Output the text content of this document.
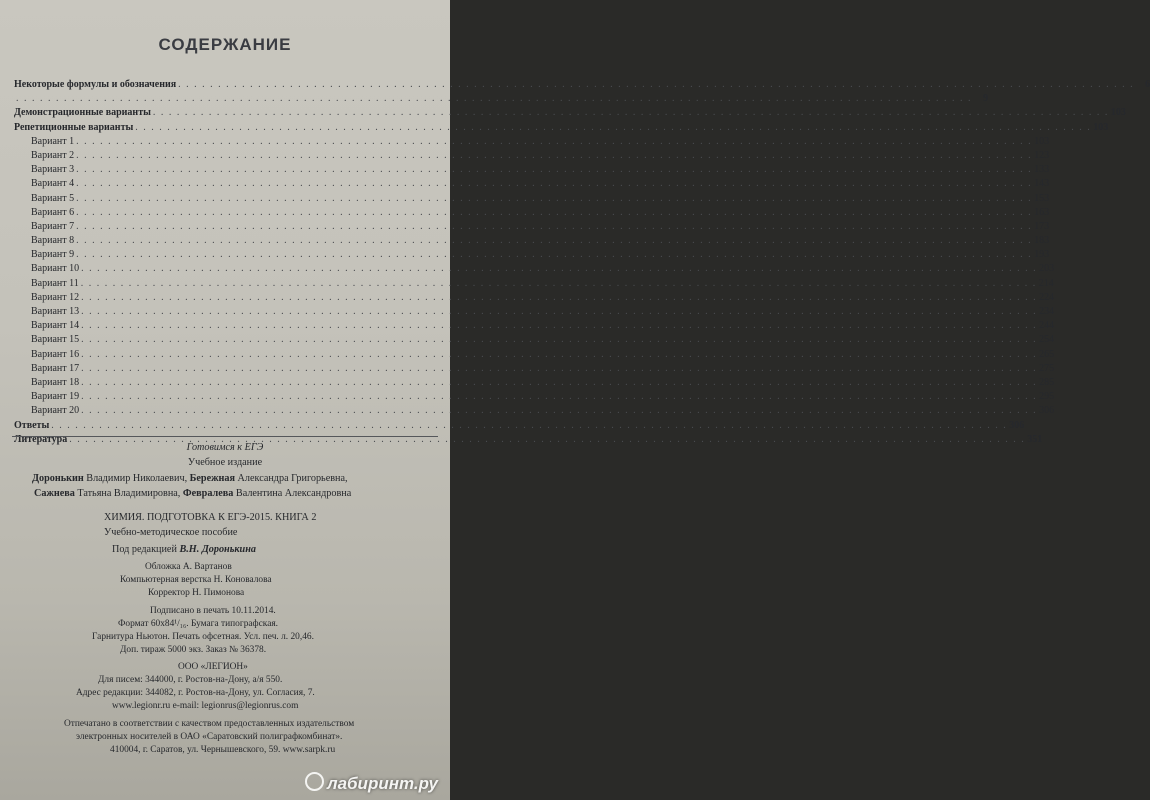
СОДЕРЖАНИЕ
Некоторые формулы и обозначения . . . . . . . . . . . . . . . . . . . . . . . . . . . . . . . . . . . . . . . . . . . . . . . . . . . . . . . . . . . . . . . . . . . . . . . . . . . . . . . . . . . . . . . . . . . . . . . . . . . . . . . . . . . . . . . . . . . . . . . .	6
. . . . . . . . . . . . . . . . . . . . . . . . . . . . . . . . . . . . . . . . . . . . . . . . . . . . . . . . . . . . . . . . . . . . . . . . . . . . . . . . . . . . . . . . . . . . . . . . . . . . . . . . . . . . . . . . . . . . . . . .	9
Демонстрационные варианты . . . . . . . . . . . . . . . . . . . . . . . . . . . . . . . . . . . . . . . . . . . . . . . . . . . . . . . . . . . . . . . . . . . . . . . . . . . . . . . . . . . . . . . . . . . . . . . . . . . . . . . . . . . . . . . . . . . . . . . . 103
Репетиционные варианты . . . . . . . . . . . . . . . . . . . . . . . . . . . . . . . . . . . . . . . . . . . . . . . . . . . . . . . . . . . . . . . . . . . . . . . . . . . . . . . . . . . . . . . . . . . . . . . . . . . . . . . . . . . . . . . . . . . . . . . . 103
Вариант 1 . . . . . . . . . . . . . . . . . . . . . . . . . . . . . . . . . . . . . . . . . . . . . . . . . . . . . . . . . . . . . . . . . . . . . . . . . . . . . . . . . . . . . . . . . . . . . . . . . . . . . . . . . . . . . . . . . . . . . . . . 103
Вариант 2 . . . . . . . . . . . . . . . . . . . . . . . . . . . . . . . . . . . . . . . . . . . . . . . . . . . . . . . . . . . . . . . . . . . . . . . . . . . . . . . . . . . . . . . . . . . . . . . . . . . . . . . . . . . . . . . . . . . . . . . . 123
Вариант 3 . . . . . . . . . . . . . . . . . . . . . . . . . . . . . . . . . . . . . . . . . . . . . . . . . . . . . . . . . . . . . . . . . . . . . . . . . . . . . . . . . . . . . . . . . . . . . . . . . . . . . . . . . . . . . . . . . . . . . . . . 133
Вариант 4 . . . . . . . . . . . . . . . . . . . . . . . . . . . . . . . . . . . . . . . . . . . . . . . . . . . . . . . . . . . . . . . . . . . . . . . . . . . . . . . . . . . . . . . . . . . . . . . . . . . . . . . . . . . . . . . . . . . . . . . . 143
Вариант 5 . . . . . . . . . . . . . . . . . . . . . . . . . . . . . . . . . . . . . . . . . . . . . . . . . . . . . . . . . . . . . . . . . . . . . . . . . . . . . . . . . . . . . . . . . . . . . . . . . . . . . . . . . . . . . . . . . . . . . . . . 153
Вариант 6 . . . . . . . . . . . . . . . . . . . . . . . . . . . . . . . . . . . . . . . . . . . . . . . . . . . . . . . . . . . . . . . . . . . . . . . . . . . . . . . . . . . . . . . . . . . . . . . . . . . . . . . . . . . . . . . . . . . . . . . . 163
Вариант 7 . . . . . . . . . . . . . . . . . . . . . . . . . . . . . . . . . . . . . . . . . . . . . . . . . . . . . . . . . . . . . . . . . . . . . . . . . . . . . . . . . . . . . . . . . . . . . . . . . . . . . . . . . . . . . . . . . . . . . . . . 173
Вариант 8 . . . . . . . . . . . . . . . . . . . . . . . . . . . . . . . . . . . . . . . . . . . . . . . . . . . . . . . . . . . . . . . . . . . . . . . . . . . . . . . . . . . . . . . . . . . . . . . . . . . . . . . . . . . . . . . . . . . . . . . . 183
Вариант 9 . . . . . . . . . . . . . . . . . . . . . . . . . . . . . . . . . . . . . . . . . . . . . . . . . . . . . . . . . . . . . . . . . . . . . . . . . . . . . . . . . . . . . . . . . . . . . . . . . . . . . . . . . . . . . . . . . . . . . . . . 193
Вариант 10 . . . . . . . . . . . . . . . . . . . . . . . . . . . . . . . . . . . . . . . . . . . . . . . . . . . . . . . . . . . . . . . . . . . . . . . . . . . . . . . . . . . . . . . . . . . . . . . . . . . . . . . . . . . . . . . . . . . . . . . . 203
Вариант 11 . . . . . . . . . . . . . . . . . . . . . . . . . . . . . . . . . . . . . . . . . . . . . . . . . . . . . . . . . . . . . . . . . . . . . . . . . . . . . . . . . . . . . . . . . . . . . . . . . . . . . . . . . . . . . . . . . . . . . . . . 214
Вариант 12 . . . . . . . . . . . . . . . . . . . . . . . . . . . . . . . . . . . . . . . . . . . . . . . . . . . . . . . . . . . . . . . . . . . . . . . . . . . . . . . . . . . . . . . . . . . . . . . . . . . . . . . . . . . . . . . . . . . . . . . . 224
Вариант 13 . . . . . . . . . . . . . . . . . . . . . . . . . . . . . . . . . . . . . . . . . . . . . . . . . . . . . . . . . . . . . . . . . . . . . . . . . . . . . . . . . . . . . . . . . . . . . . . . . . . . . . . . . . . . . . . . . . . . . . . . 234
Вариант 14 . . . . . . . . . . . . . . . . . . . . . . . . . . . . . . . . . . . . . . . . . . . . . . . . . . . . . . . . . . . . . . . . . . . . . . . . . . . . . . . . . . . . . . . . . . . . . . . . . . . . . . . . . . . . . . . . . . . . . . . . 244
Вариант 15 . . . . . . . . . . . . . . . . . . . . . . . . . . . . . . . . . . . . . . . . . . . . . . . . . . . . . . . . . . . . . . . . . . . . . . . . . . . . . . . . . . . . . . . . . . . . . . . . . . . . . . . . . . . . . . . . . . . . . . . . 254
Вариант 16 . . . . . . . . . . . . . . . . . . . . . . . . . . . . . . . . . . . . . . . . . . . . . . . . . . . . . . . . . . . . . . . . . . . . . . . . . . . . . . . . . . . . . . . . . . . . . . . . . . . . . . . . . . . . . . . . . . . . . . . . 265
Вариант 17 . . . . . . . . . . . . . . . . . . . . . . . . . . . . . . . . . . . . . . . . . . . . . . . . . . . . . . . . . . . . . . . . . . . . . . . . . . . . . . . . . . . . . . . . . . . . . . . . . . . . . . . . . . . . . . . . . . . . . . . . 275
Вариант 18 . . . . . . . . . . . . . . . . . . . . . . . . . . . . . . . . . . . . . . . . . . . . . . . . . . . . . . . . . . . . . . . . . . . . . . . . . . . . . . . . . . . . . . . . . . . . . . . . . . . . . . . . . . . . . . . . . . . . . . . . 285
Вариант 19 . . . . . . . . . . . . . . . . . . . . . . . . . . . . . . . . . . . . . . . . . . . . . . . . . . . . . . . . . . . . . . . . . . . . . . . . . . . . . . . . . . . . . . . . . . . . . . . . . . . . . . . . . . . . . . . . . . . . . . . . 295
Вариант 20 . . . . . . . . . . . . . . . . . . . . . . . . . . . . . . . . . . . . . . . . . . . . . . . . . . . . . . . . . . . . . . . . . . . . . . . . . . . . . . . . . . . . . . . . . . . . . . . . . . . . . . . . . . . . . . . . . . . . . . . . 306
Ответы . . . . . . . . . . . . . . . . . . . . . . . . . . . . . . . . . . . . . . . . . . . . . . . . . . . . . . . . . . . . . . . . . . . . . . . . . . . . . . . . . . . . . . . . . . . . . . . . . . . . . . . . . . . . . . . . . . . . . . . . 306
Литература . . . . . . . . . . . . . . . . . . . . . . . . . . . . . . . . . . . . . . . . . . . . . . . . . . . . . . . . . . . . . . . . . . . . . . . . . . . . . . . . . . . . . . . . . . . . . . . . . . . . . . . . . . . . . . . . . . . . . . . . 351
Готовимся к ЕГЭ
Учебное издание
Доронькин Владимир Николаевич, Бережная Александра Григорьевна,
Сажнева Татьяна Владимировна, Февралева Валентина Александровна
ХИМИЯ. ПОДГОТОВКА К ЕГЭ-2015. КНИГА 2
Учебно-методическое пособие
Под редакцией В.Н. Доронькина
Обложка А. Вартанов
Компьютерная верстка Н. Коновалова
Корректор Н. Пимонова
Подписано в печать 10.11.2014.
Формат 60x84¹/₁₆. Бумага типографская.
Гарнитура Ньютон. Печать офсетная. Усл. печ. л. 20,46.
Доп. тираж 5000 экз. Заказ № 36378.
ООО «ЛЕГИОН»
Для писем: 344000, г. Ростов-на-Дону, а/я 550.
Адрес редакции: 344082, г. Ростов-на-Дону, ул. Согласия, 7.
www.legionr.ru e-mail: legionrus@legionrus.com
Отпечатано в соответствии с качеством предоставленных издательством
электронных носителей в ОАО «Саратовский полиграфкомбинат».
410004, г. Саратов, ул. Чернышевского, 59. www.sarpk.ru
лабиринт.ру
